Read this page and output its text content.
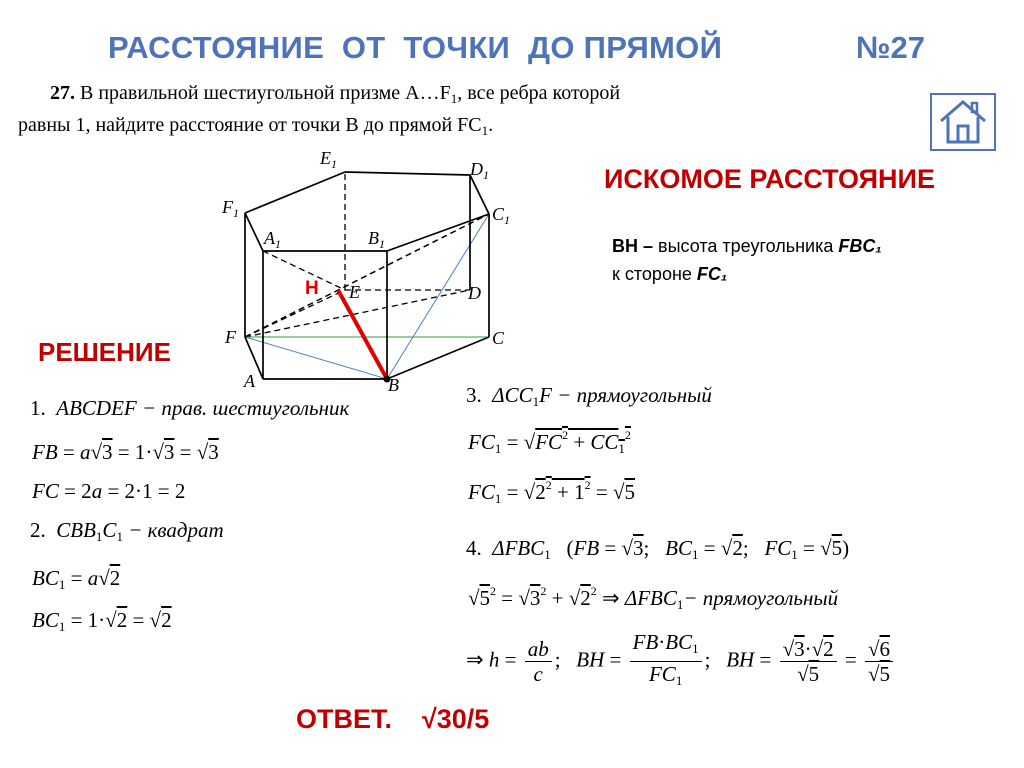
РАССТОЯНИЕ  ОТ  ТОЧКИ  ДО ПРЯМОЙ	№27
27. В правильной шестиугольной призме $A\dots F_1$, все ребра которой
равны 1, найдите расстояние от точки B до прямой $FC_1$.
ИСКОМОЕ РАССТОЯНИЕ
BH – высота треугольника FBC₁
к стороне FC₁
$E_1$	$D_1$
$F_1$	$C_1$
$A_1$	$B_1$
E	D
F	C
A	B
H
РЕШЕНИЕ
1. ABCDEF − прав. шестиугольник
FB = a√3 = 1·√3 = √3
FC = 2a = 2·1 = 2
2. $CBB_1C_1$ − квадрат
$BC_1 = a√2$
$BC_1 = 1\cdot√2 = √2$
3. $\Delta CC_1F$ − прямоугольный
$FC_1 = √FC^2 + CC_1^2$
$FC_1 = √2^2 + 1^2 = √5$
4. $\Delta FBC_1$   (FB = √3;   $BC_1 = √2$;   $FC_1 = √5$)
$√5^2 = √3^2 + √2^2$ ⇒ $\Delta FBC_1-$ прямоугольный
⇒ $h = \frac{ab}{c}$ ;   BH = $\frac{FB\cdot BC_1}{FC_1}$ ;   BH = $\frac{√3\cdot√2}{√5} = \frac{√6}{√5}$
ОТВЕТ.    √30/5
